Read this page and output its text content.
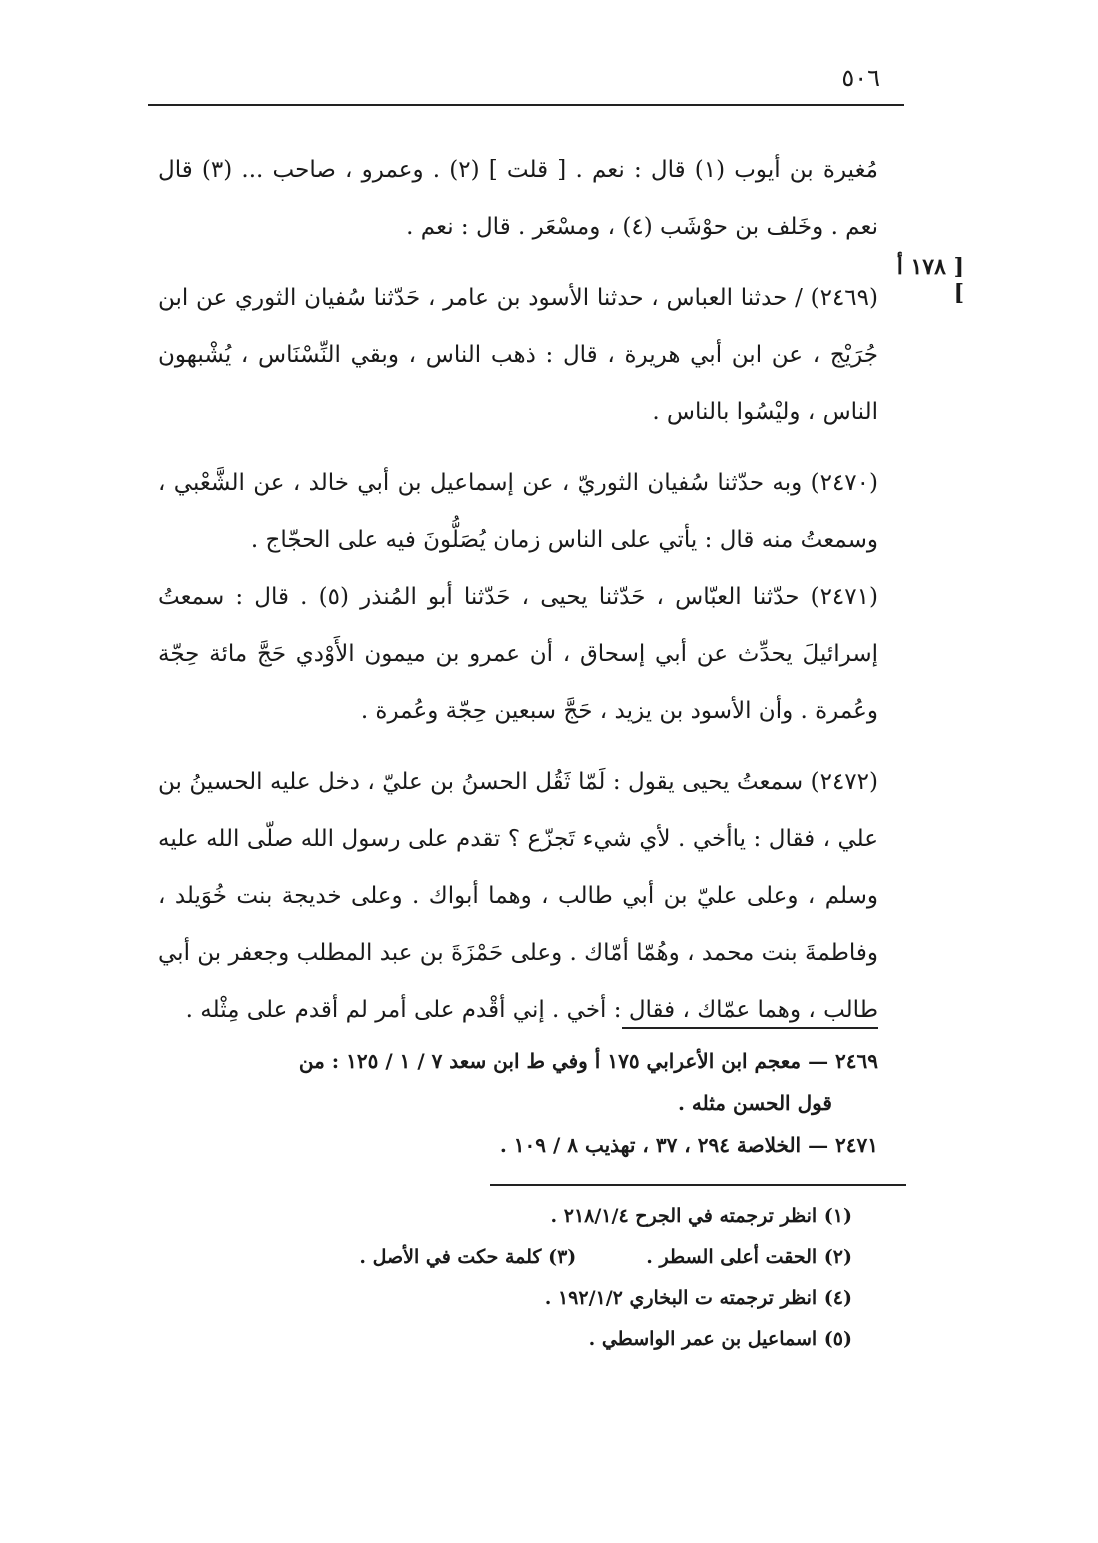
٥٠٦
[ ١٧٨ أ ]

مُغيرة بن أيوب (١) قال : نعم . [ قلت ] (٢) . وعمرو ، صاحب ... (٣) قال نعم . وخَلف بن حوْشَب (٤) ، ومسْعَر . قال : نعم .

(٢٤٦٩) / حدثنا العباس ، حدثنا الأسود بن عامر ، حَدّثنا سُفيان الثوري عن ابن جُرَيْج ، عن ابن أبي هريرة ، قال : ذهب الناس ، وبقي النِّسْنَاس ، يُشْبهون الناس ، وليْسُوا بالناس .

(٢٤٧٠) وبه حدّثنا سُفيان الثوريّ ، عن إسماعيل بن أبي خالد ، عن الشَّعْبي ، وسمعتُ منه قال : يأتي على الناس زمان يُصَلُّونَ فيه على الحجّاج .

(٢٤٧١) حدّثنا العبّاس ، حَدّثنا يحيى ، حَدّثنا أبو المُنذر (٥) . قال : سمعتُ إسرائيلَ يحدِّث عن أبي إسحاق ، أن عمرو بن ميمون الأَوْدي حَجَّ مائة حِجّة وعُمرة . وأن الأسود بن يزيد ، حَجَّ سبعين حِجّة وعُمرة .

(٢٤٧٢) سمعتُ يحيى يقول : لَمّا ثَقُل الحسنُ بن عليّ ، دخل عليه الحسينُ بن علي ، فقال : ياأخي . لأي شيء تَجزّع ؟ تقدم على رسول الله صلّى الله عليه وسلم ، وعلى عليّ بن أبي طالب ، وهما أبواك . وعلى خديجة بنت خُوَيلد ، وفاطمةَ بنت محمد ، وهُمّا أمّاك . وعلى حَمْزَةَ بن عبد المطلب وجعفر بن أبي طالب ، وهما عمّاك ، فقال : أخي . إني أقْدم على أمر لم أقدم على مِثْله .

٢٤٦٩ — معجم ابن الأعرابي ١٧٥ أ وفي ط ابن سعد ٧ / ١ / ١٢٥ : من

قول الحسن مثله .

٢٤٧١ — الخلاصة ٢٩٤ ، ٣٧ ، تهذيب ٨ / ١٠٩ .

(١) انظر ترجمته في الجرح ٢١٨/١/٤ .

(٢) الحقت أعلى السطر .(٣) كلمة حكت في الأصل .

(٤) انظر ترجمته ت البخاري ١٩٢/١/٢ .

(٥) اسماعيل بن عمر الواسطي .
